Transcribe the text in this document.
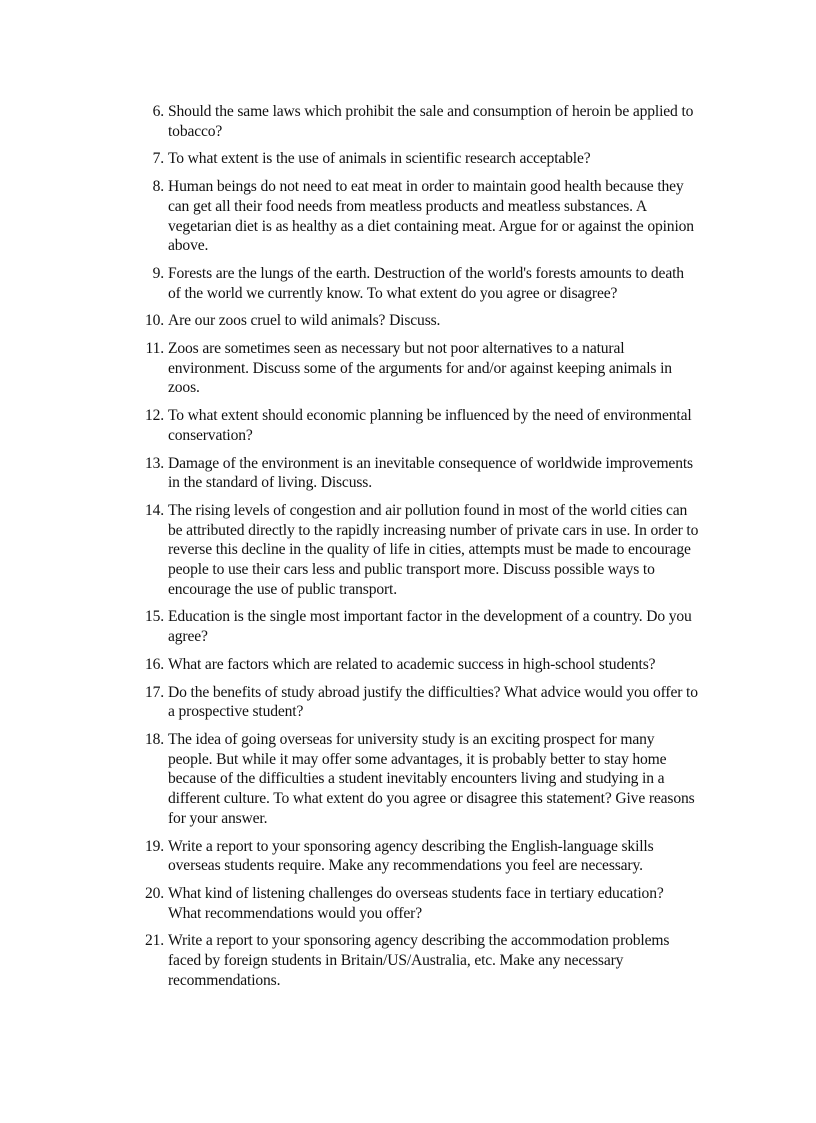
6. Should the same laws which prohibit the sale and consumption of heroin be applied to tobacco?
7. To what extent is the use of animals in scientific research acceptable?
8. Human beings do not need to eat meat in order to maintain good health because they can get all their food needs from meatless products and meatless substances. A vegetarian diet is as healthy as a diet containing meat. Argue for or against the opinion above.
9. Forests are the lungs of the earth. Destruction of the world's forests amounts to death of the world we currently know. To what extent do you agree or disagree?
10. Are our zoos cruel to wild animals? Discuss.
11. Zoos are sometimes seen as necessary but not poor alternatives to a natural environment. Discuss some of the arguments for and/or against keeping animals in zoos.
12. To what extent should economic planning be influenced by the need of environmental conservation?
13. Damage of the environment is an inevitable consequence of worldwide improvements in the standard of living. Discuss.
14. The rising levels of congestion and air pollution found in most of the world cities can be attributed directly to the rapidly increasing number of private cars in use. In order to reverse this decline in the quality of life in cities, attempts must be made to encourage people to use their cars less and public transport more. Discuss possible ways to encourage the use of public transport.
15. Education is the single most important factor in the development of a country. Do you agree?
16. What are factors which are related to academic success in high-school students?
17. Do the benefits of study abroad justify the difficulties? What advice would you offer to a prospective student?
18. The idea of going overseas for university study is an exciting prospect for many people. But while it may offer some advantages, it is probably better to stay home because of the difficulties a student inevitably encounters living and studying in a different culture. To what extent do you agree or disagree this statement? Give reasons for your answer.
19. Write a report to your sponsoring agency describing the English-language skills overseas students require. Make any recommendations you feel are necessary.
20. What kind of listening challenges do overseas students face in tertiary education? What recommendations would you offer?
21. Write a report to your sponsoring agency describing the accommodation problems faced by foreign students in Britain/US/Australia, etc. Make any necessary recommendations.
